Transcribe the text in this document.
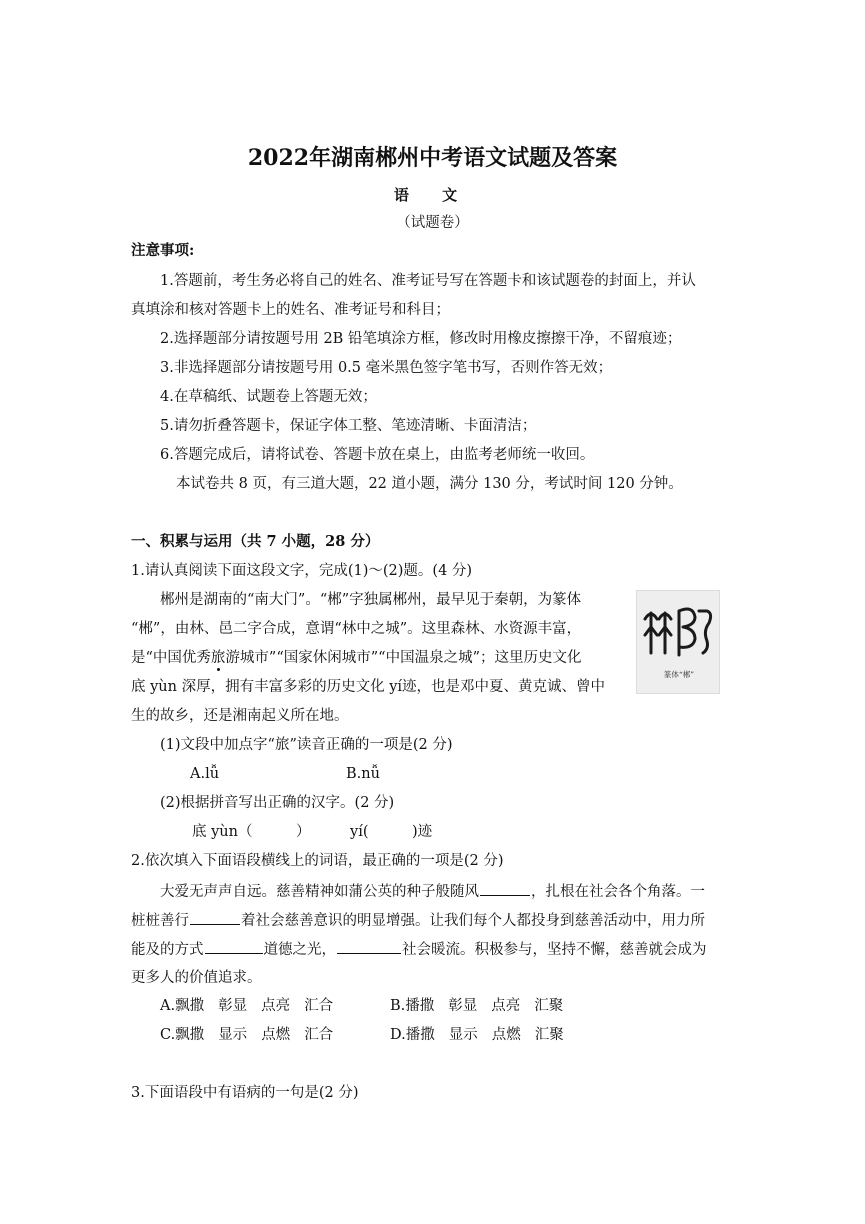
2022年湖南郴州中考语文试题及答案
语 文
（试题卷）
注意事项:
1.答题前，考生务必将自己的姓名、准考证号写在答题卡和该试题卷的封面上，并认
真填涂和核对答题卡上的姓名、准考证号和科目；
2.选择题部分请按题号用 2B 铅笔填涂方框，修改时用橡皮擦擦干净，不留痕迹；
3.非选择题部分请按题号用 0.5 毫米黑色签字笔书写，否则作答无效；
4.在草稿纸、试题卷上答题无效；
5.请勿折叠答题卡，保证字体工整、笔迹清晰、卡面清洁；
6.答题完成后，请将试卷、答题卡放在桌上，由监考老师统一收回。
本试卷共 8 页，有三道大题，22 道小题，满分 130 分，考试时间 120 分钟。
一、积累与运用（共 7 小题，28 分）
1.请认真阅读下面这段文字，完成(1)～(2)题。(4 分)
郴州是湖南的“南大门”。“郴”字独属郴州，最早见于秦朝，为篆体
“郴”，由林、邑二字合成，意谓“林中之城”。这里森林、水资源丰富，
是“中国优秀旅游城市”“国家休闲城市”“中国温泉之城”；这里历史文化
底 yùn 深厚，拥有丰富多彩的历史文化 yí迹，也是邓中夏、黄克诚、曾中
生的故乡，还是湘南起义所在地。
篆体“郴”
(1)文段中加点字“旅”读音正确的一项是(2 分)
A.lǚ	B.nǚ
(2)根据拼音写出正确的汉字。(2 分)
底 yùn（　　　）	yí(　　　)迹
2.依次填入下面语段横线上的词语，最正确的一项是(2 分)
大爱无声声自远。慈善精神如蒲公英的种子般随风	，扎根在社会各个角落。一
桩桩善行	着社会慈善意识的明显增强。让我们每个人都投身到慈善活动中，用力所
能及的方式	道德之光，	社会暖流。积极参与，坚持不懈，慈善就会成为
更多人的价值追求。
A.飘撒 彰显 点亮 汇合	B.播撒 彰显 点亮 汇聚
C.飘撒 显示 点燃 汇合	D.播撒 显示 点燃 汇聚
3.下面语段中有语病的一句是(2 分)
